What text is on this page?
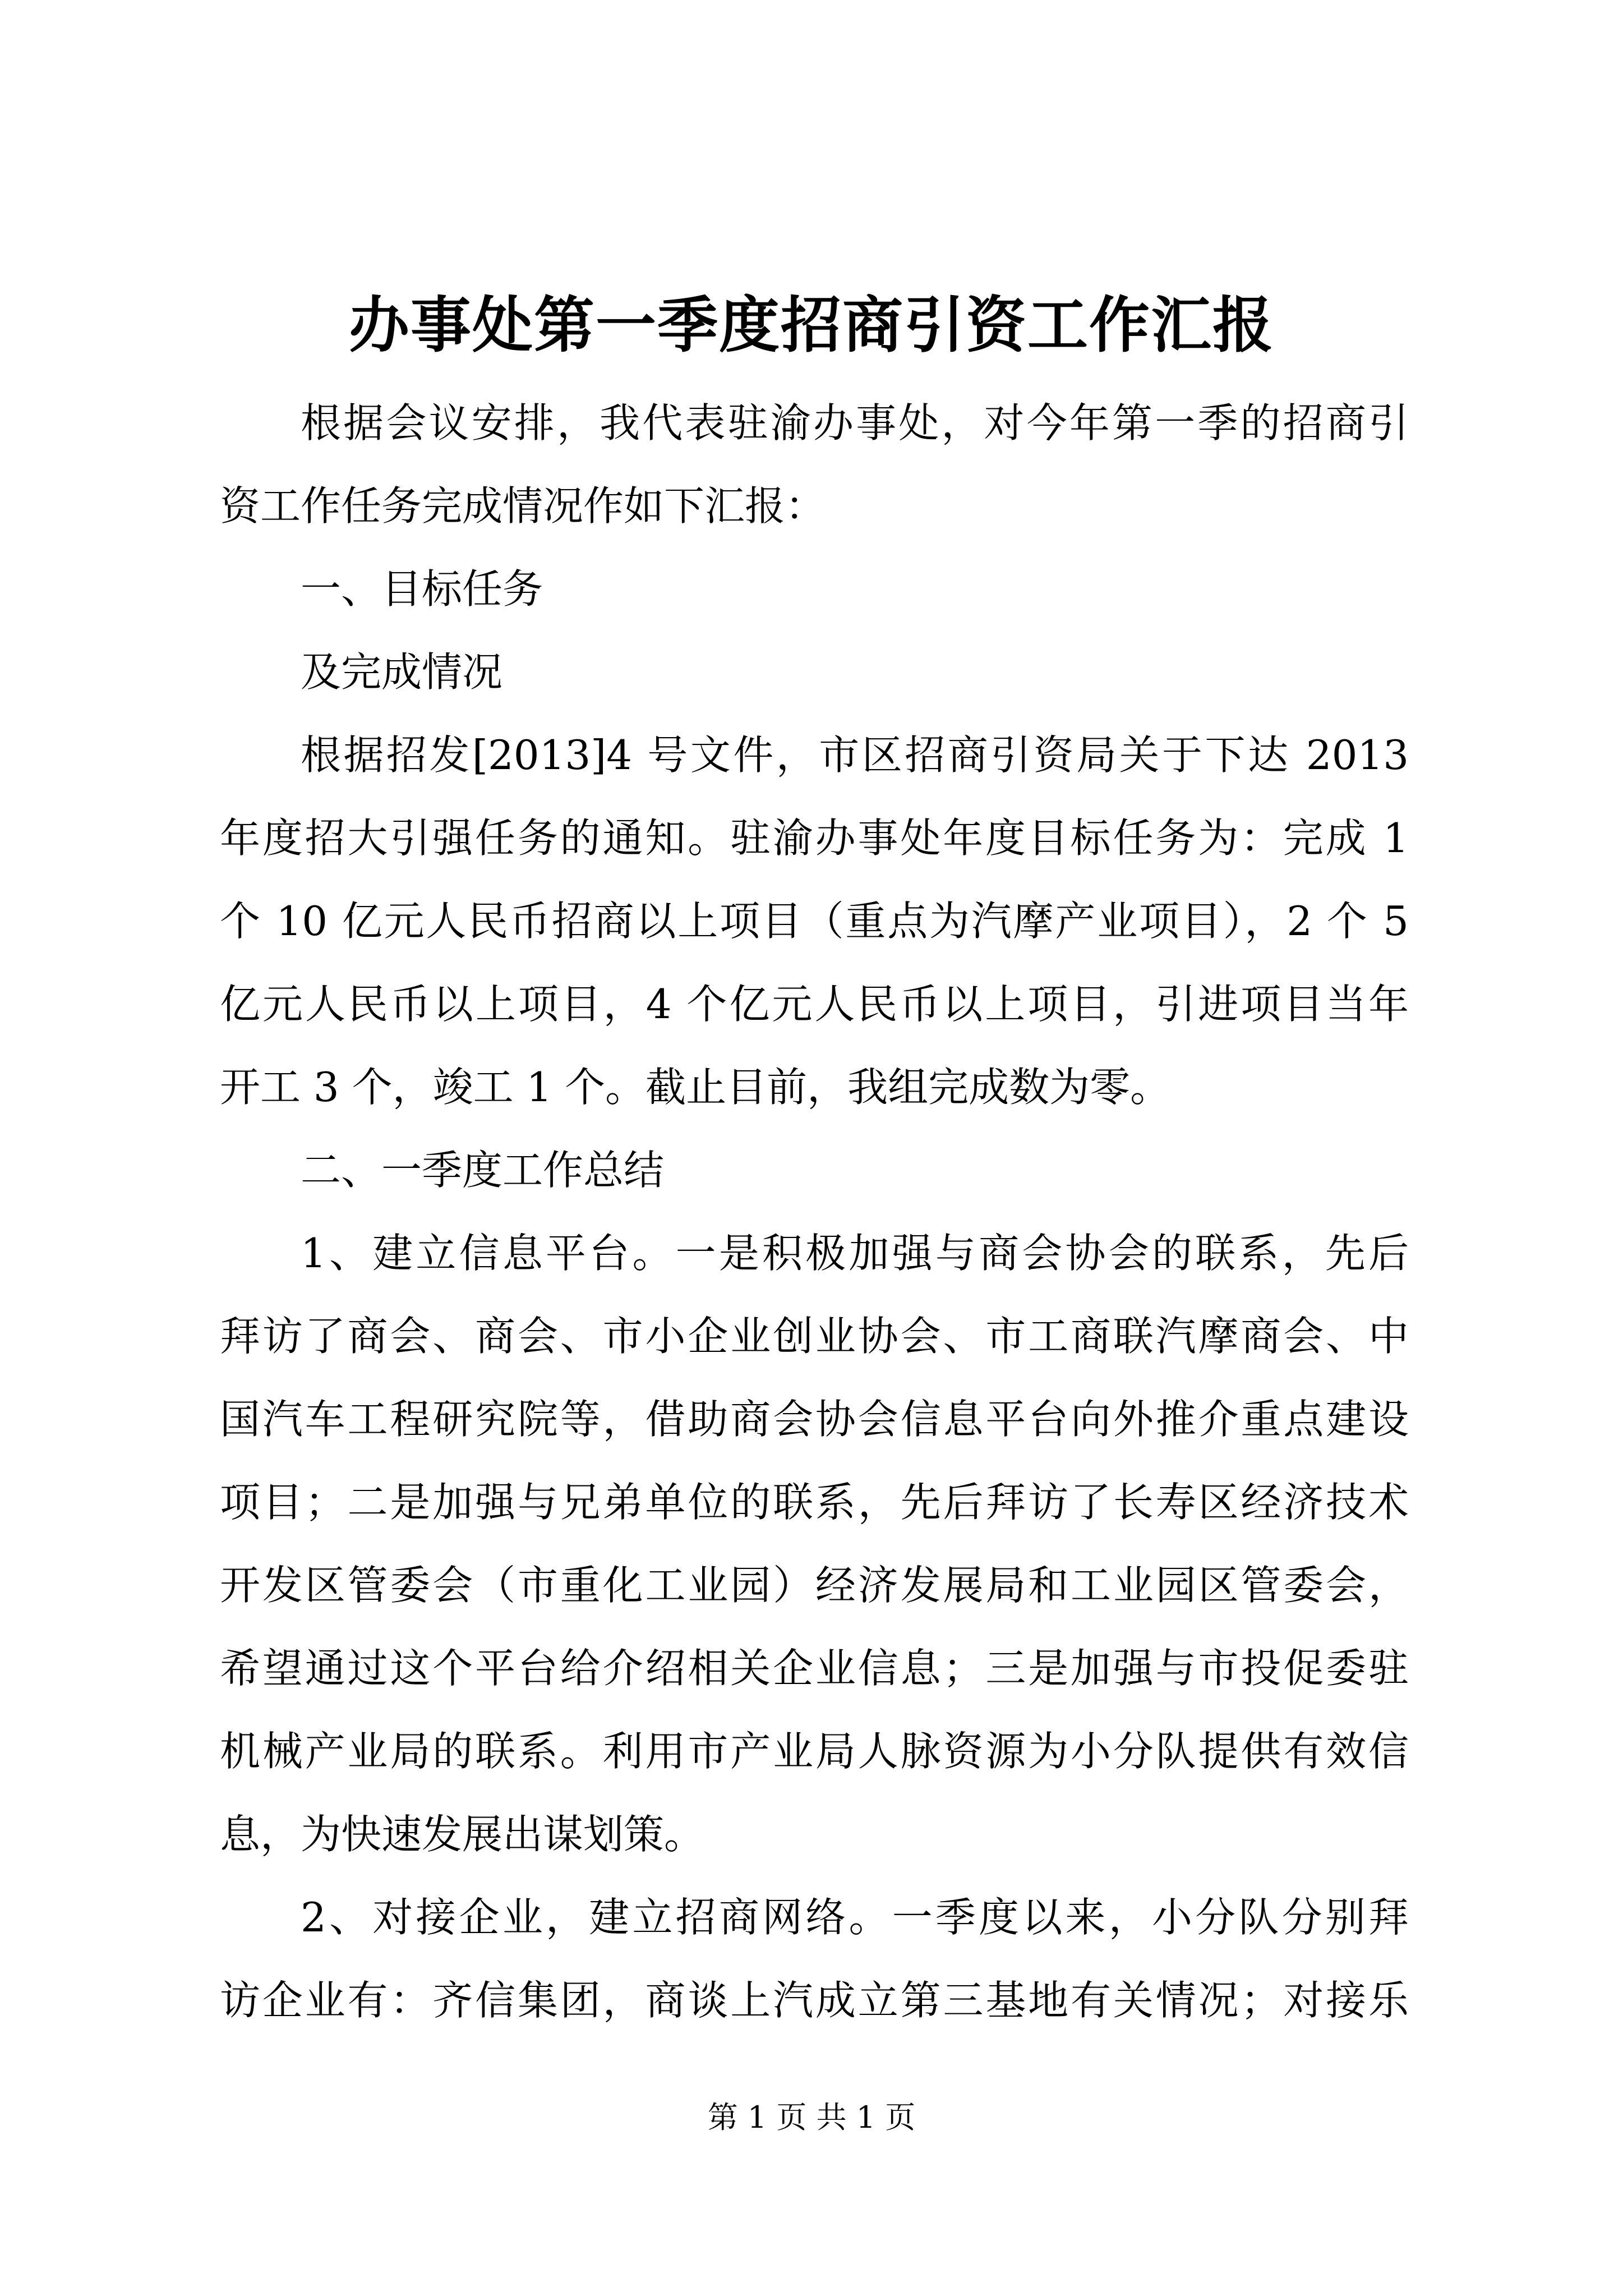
办事处第一季度招商引资工作汇报
根据会议安排，我代表驻渝办事处，对今年第一季的招商引
资工作任务完成情况作如下汇报：
一、目标任务
及完成情况
根据招发[2013]4 号文件，市区招商引资局关于下达 2013
年度招大引强任务的通知。驻渝办事处年度目标任务为：完成 1
个 10 亿元人民币招商以上项目（重点为汽摩产业项目），2 个 5
亿元人民币以上项目，4 个亿元人民币以上项目，引进项目当年
开工 3 个，竣工 1 个。截止目前，我组完成数为零。
二、一季度工作总结
1、建立信息平台。一是积极加强与商会协会的联系，先后
拜访了商会、商会、市小企业创业协会、市工商联汽摩商会、中
国汽车工程研究院等，借助商会协会信息平台向外推介重点建设
项目；二是加强与兄弟单位的联系，先后拜访了长寿区经济技术
开发区管委会（市重化工业园）经济发展局和工业园区管委会，
希望通过这个平台给介绍相关企业信息；三是加强与市投促委驻
机械产业局的联系。利用市产业局人脉资源为小分队提供有效信
息，为快速发展出谋划策。
2、对接企业，建立招商网络。一季度以来，小分队分别拜
访企业有：齐信集团，商谈上汽成立第三基地有关情况；对接乐
第 1 页 共 1 页
